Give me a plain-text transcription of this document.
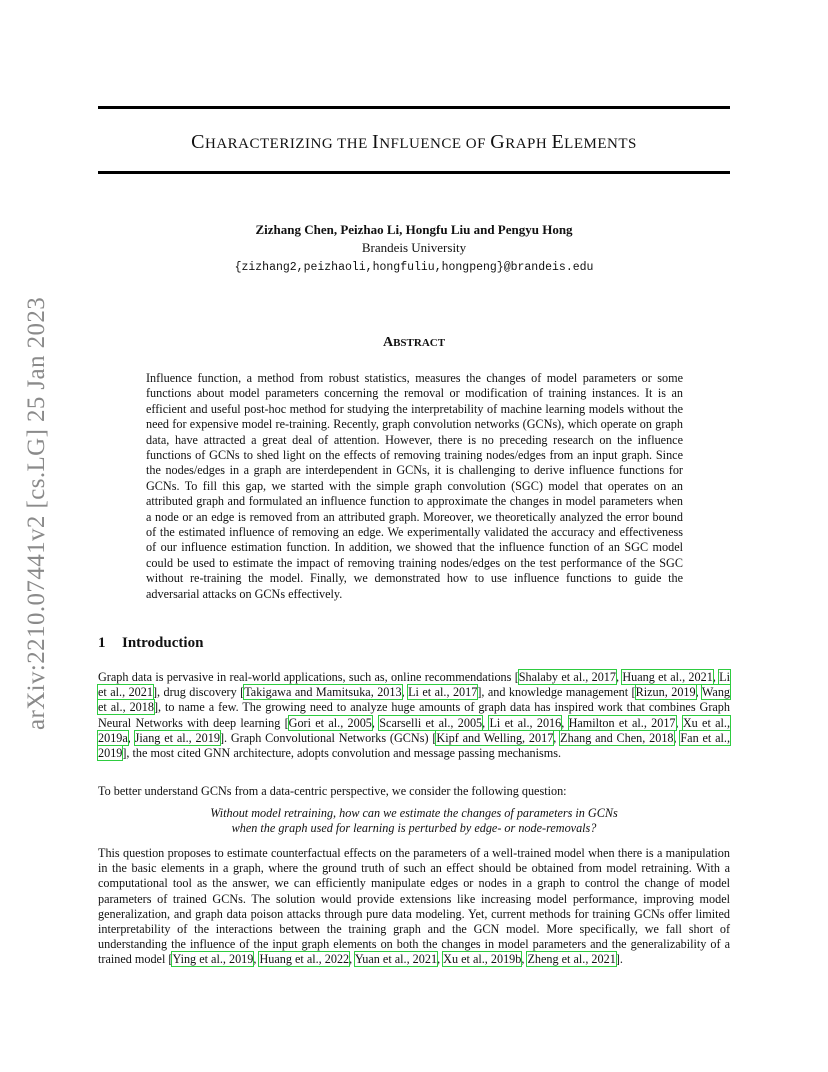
CHARACTERIZING THE INFLUENCE OF GRAPH ELEMENTS
arXiv:2210.07441v2 [cs.LG] 25 Jan 2023
Zizhang Chen, Peizhao Li, Hongfu Liu and Pengyu Hong
Brandeis University
{zizhang2,peizhaoli,hongfuliu,hongpeng}@brandeis.edu
ABSTRACT

Influence function, a method from robust statistics, measures the changes of model parameters or some functions about model parameters concerning the removal or modification of training instances. It is an efficient and useful post-hoc method for studying the interpretability of machine learning models without the need for expensive model re-training. Recently, graph convolution networks (GCNs), which operate on graph data, have attracted a great deal of attention. However, there is no preceding research on the influence functions of GCNs to shed light on the effects of removing training nodes/edges from an input graph. Since the nodes/edges in a graph are interdependent in GCNs, it is challenging to derive influence functions for GCNs. To fill this gap, we started with the simple graph convolution (SGC) model that operates on an attributed graph and formulated an influence function to approximate the changes in model parameters when a node or an edge is removed from an attributed graph. Moreover, we theoretically analyzed the error bound of the estimated influence of removing an edge. We experimentally validated the accuracy and effectiveness of our influence estimation function. In addition, we showed that the influence function of an SGC model could be used to estimate the impact of removing training nodes/edges on the test performance of the SGC without re-training the model. Finally, we demonstrated how to use influence functions to guide the adversarial attacks on GCNs effectively.

1 Introduction

Graph data is pervasive in real-world applications, such as, online recommendations [Shalaby et al., 2017, Huang et al., 2021, Li et al., 2021], drug discovery [Takigawa and Mamitsuka, 2013, Li et al., 2017], and knowledge management [Rizun, 2019, Wang et al., 2018], to name a few. The growing need to analyze huge amounts of graph data has inspired work that combines Graph Neural Networks with deep learning [Gori et al., 2005, Scarselli et al., 2005, Li et al., 2016, Hamilton et al., 2017, Xu et al., 2019a, Jiang et al., 2019]. Graph Convolutional Networks (GCNs) [Kipf and Welling, 2017, Zhang and Chen, 2018, Fan et al., 2019], the most cited GNN architecture, adopts convolution and message passing mechanisms.

To better understand GCNs from a data-centric perspective, we consider the following question:

Without model retraining, how can we estimate the changes of parameters in GCNs
when the graph used for learning is perturbed by edge- or node-removals?

This question proposes to estimate counterfactual effects on the parameters of a well-trained model when there is a manipulation in the basic elements in a graph, where the ground truth of such an effect should be obtained from model retraining. With a computational tool as the answer, we can efficiently manipulate edges or nodes in a graph to control the change of model parameters of trained GCNs. The solution would provide extensions like increasing model performance, improving model generalization, and graph data poison attacks through pure data modeling. Yet, current methods for training GCNs offer limited interpretability of the interactions between the training graph and the GCN model. More specifically, we fall short of understanding the influence of the input graph elements on both the changes in model parameters and the generalizability of a trained model [Ying et al., 2019, Huang et al., 2022, Yuan et al., 2021, Xu et al., 2019b, Zheng et al., 2021].
